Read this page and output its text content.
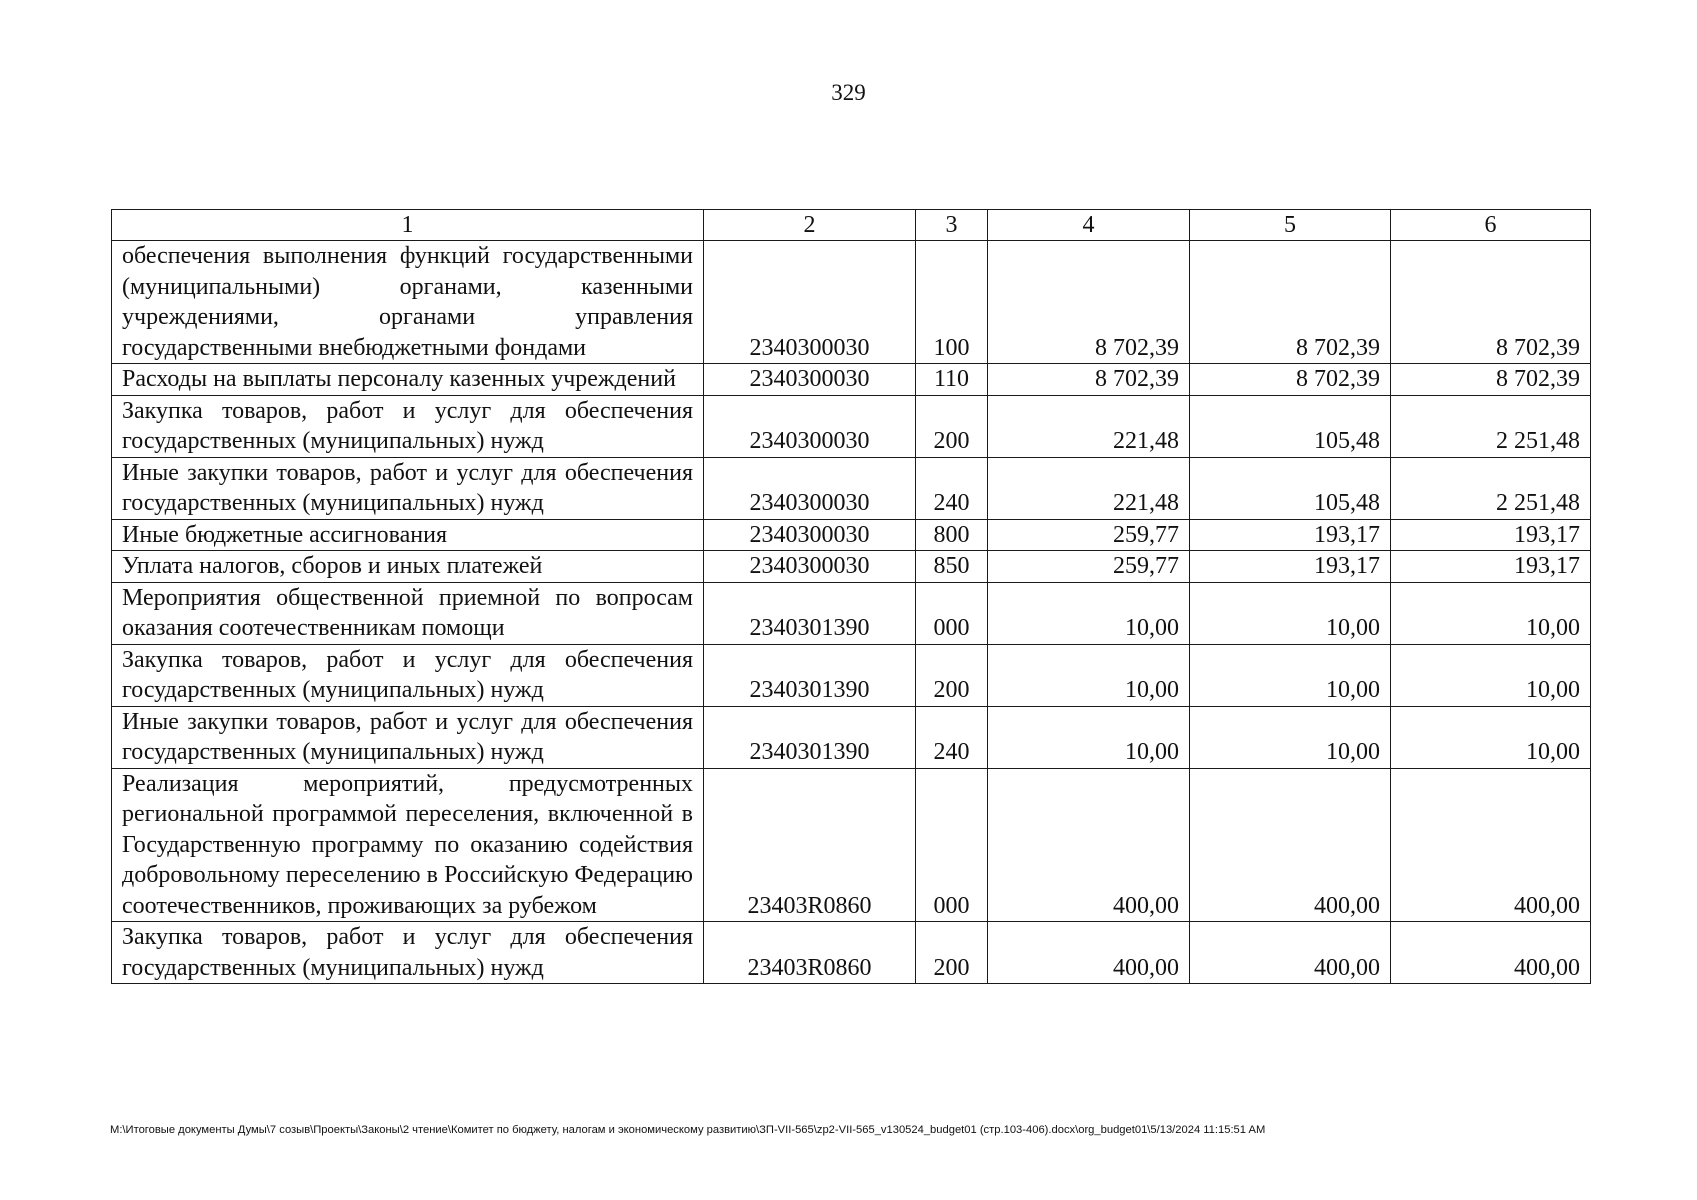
329
1	2	3	4	5	6
обеспечения выполнения функций государственными (муниципальными) органами, казенными учреждениями, органами управления государственными внебюджетными фондами	2340300030	100	8 702,39	8 702,39	8 702,39
Расходы на выплаты персоналу казенных учреждений	2340300030	110	8 702,39	8 702,39	8 702,39
Закупка товаров, работ и услуг для обеспечения государственных (муниципальных) нужд	2340300030	200	221,48	105,48	2 251,48
Иные закупки товаров, работ и услуг для обеспечения государственных (муниципальных) нужд	2340300030	240	221,48	105,48	2 251,48
Иные бюджетные ассигнования	2340300030	800	259,77	193,17	193,17
Уплата налогов, сборов и иных платежей	2340300030	850	259,77	193,17	193,17
Мероприятия общественной приемной по вопросам оказания соотечественникам помощи	2340301390	000	10,00	10,00	10,00
Закупка товаров, работ и услуг для обеспечения государственных (муниципальных) нужд	2340301390	200	10,00	10,00	10,00
Иные закупки товаров, работ и услуг для обеспечения государственных (муниципальных) нужд	2340301390	240	10,00	10,00	10,00
Реализация мероприятий, предусмотренных региональной программой переселения, включенной в Государственную программу по оказанию содействия добровольному переселению в Российскую Федерацию соотечественников, проживающих за рубежом	23403R0860	000	400,00	400,00	400,00
Закупка товаров, работ и услуг для обеспечения государственных (муниципальных) нужд	23403R0860	200	400,00	400,00	400,00
M:\Итоговые документы Думы\7 созыв\Проекты\Законы\2 чтение\Комитет по бюджету, налогам и экономическому развитию\ЗП-VII-565\zp2-VII-565_v130524_budget01 (стр.103-406).docx\org_budget01\5/13/2024 11:15:51 AM
